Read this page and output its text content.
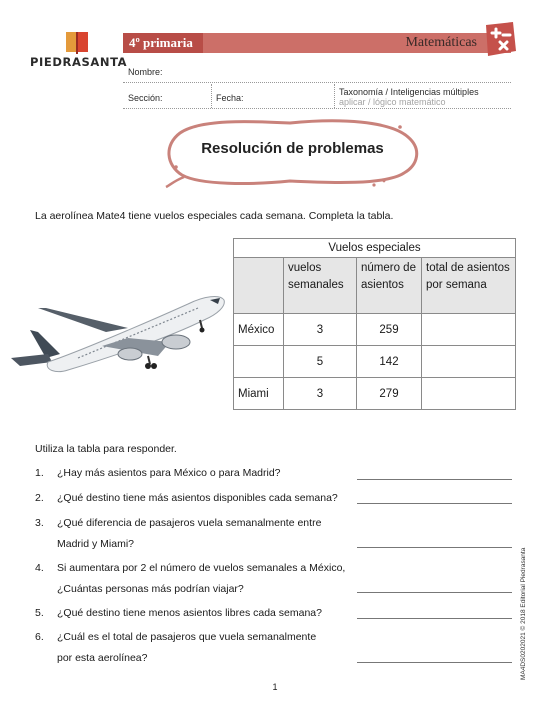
PIEDRASANTA
4º primaria	Matemáticas
Nombre:
Sección:	Fecha:
Taxonomía / Inteligencias múltiples
aplicar / lógico matemático
Resolución de problemas
La aerolínea Mate4 tiene vuelos especiales cada semana. Completa la tabla.
Vuelos especiales			
	vuelos semanales	número de asientos	total de asientos por semana
México	3	259	
	5	142	
Miami	3	279	
Utiliza la tabla para responder.
1. ¿Hay más asientos para México o para Madrid?
2. ¿Qué destino tiene más asientos disponibles cada semana?
3. ¿Qué diferencia de pasajeros vuela semanalmente entre
Madrid y Miami?
4. Si aumentara por 2 el número de vuelos semanales a México,
¿Cuántas personas más podrían viajar?
5. ¿Qué destino tiene menos asientos libres cada semana?
6. ¿Cuál es el total de pasajeros que vuela semanalmente
por esta aerolínea?
1
MA4DS0202021 © 2018 Editorial Piedrasanta
